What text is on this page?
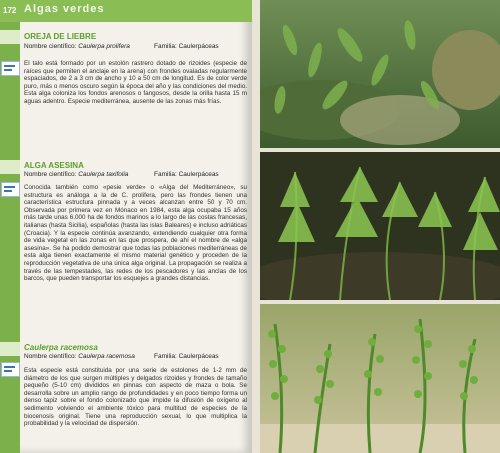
172 Algas verdes
OREJA DE LIEBRE
Nombre científico: Caulerpa prolifera	Familia: Caulerpáceas
El talo está formado por un estolón rastrero dotado de rizoides (especie de raíces que permiten el anclaje en la arena) con frondes ovaladas regularmente espaciados, de 2 a 3 cm de ancho y 10 a 50 cm de longitud. Es de color verde puro, más o menos oscuro según la época del año y las condiciones del medio. Esta alga coloniza los fondos arenosos o fangosos, desde la orilla hasta 15 m aguas adentro. Especie mediterránea, ausente de las zonas más frías.
ALGA ASESINA
Nombre científico: Caulerpa taxifolia	Familia: Caulerpáceas
Conocida también como «pesie verde» o «Alga del Mediterráneo», su estructura es análoga a la de C. prolifera, pero las frondes tienen una característica estructura pinnada y a veces alcanzan entre 50 y 70 cm. Observada por primera vez en Mónaco en 1984, esta alga ocupaba 15 años más tarde unas 6.000 ha de fondos marinos a lo largo de las costas francesas, italianas (hasta Sicilia), españolas (hasta las islas Baleares) e incluso adriáticas (Croacia). Y la especie continúa avanzando, extendiendo cualquier otra forma de vida vegetal en las zonas en las que prospera, de ahí el nombre de «alga asesina». Se ha podido demostrar que todas las poblaciones mediterráneas de esta alga tienen exactamente el mismo material genético y proceden de la reproducción vegetativa de una única alga original. La propagación se realiza a través de las tempestades, las redes de los pescadores y las anclas de los barcos, que pueden transportar los esquejes a grandes distancias.
Caulerpa racemosa
Nombre científico: Caulerpa racemosa	Familia: Caulerpáceas
Esta especie está constituida por una serie de estolones de 1-2 mm de diámetro de los que surgen múltiples y delgados rizoides y frondes de tamaño pequeño (5-10 cm) divididos en pinnas con aspecto de maza o bola. Se desarrolla sobre un amplio rango de profundidades y en poco tiempo forma un denso tapiz sobre el fondo colonizado que impide la difusión de oxígeno al sedimento volviendo el ambiente tóxico para multitud de especies de la biocenosis original. Tiene una reproducción sexual, lo que multiplica la probabilidad y la velocidad de dispersión.
